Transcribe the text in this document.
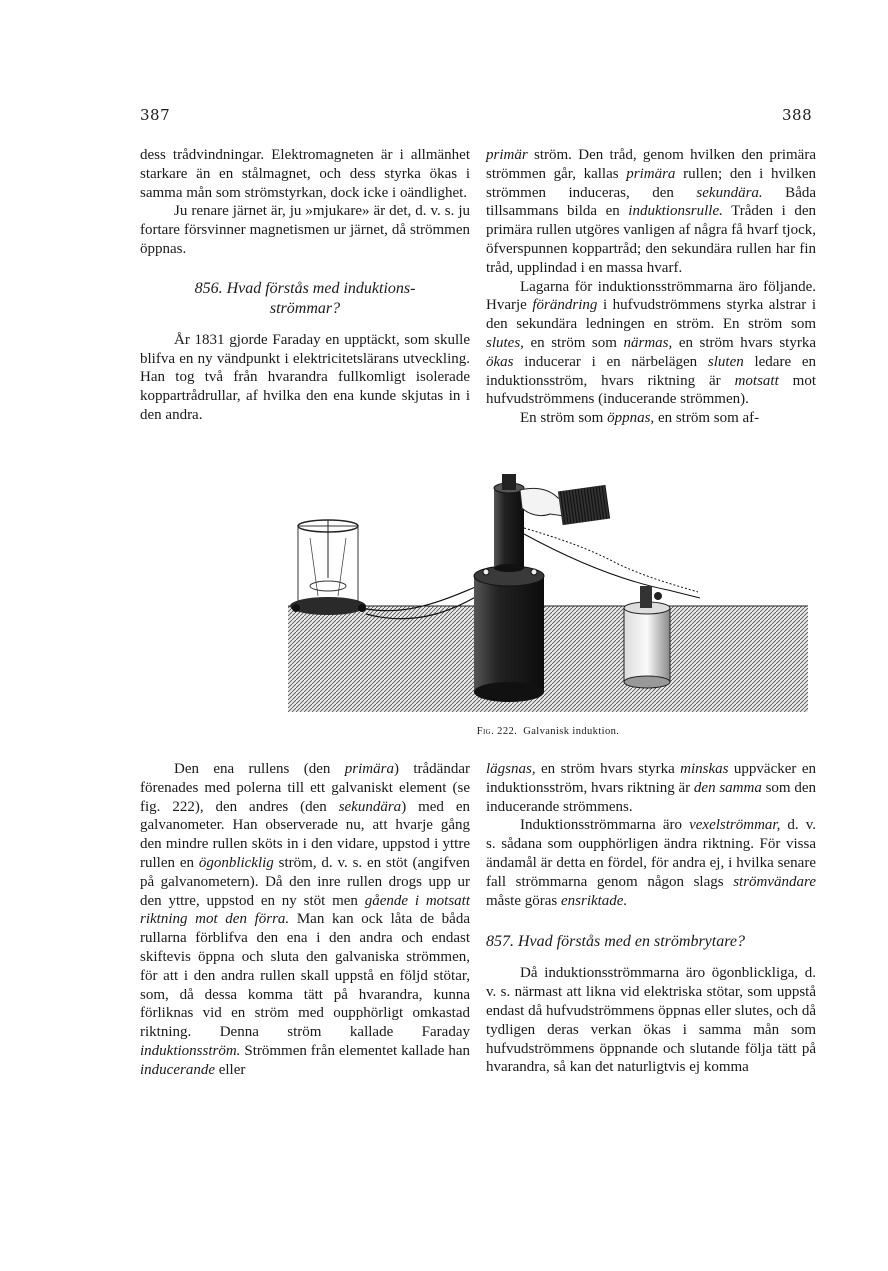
387	388

dess trådvindningar. Elektromagneten är i allmänhet starkare än en stålmagnet, och dess styrka ökas i samma mån som strömstyrkan, dock icke i oändlighet.

Ju renare järnet är, ju »mjukare» är det, d. v. s. ju fortare försvinner magnetismen ur järnet, då strömmen öppnas.

856. Hvad förstås med induktions-strömmar?

År 1831 gjorde Faraday en upptäckt, som skulle blifva en ny vändpunkt i elektricitetslärans utveckling. Han tog två från hvarandra fullkomligt isolerade koppartrådrullar, af hvilka den ena kunde skjutas in i den andra.

primär ström. Den tråd, genom hvilken den primära strömmen går, kallas primära rullen; den i hvilken strömmen induceras, den sekundära. Båda tillsammans bilda en induktionsrulle. Tråden i den primära rullen utgöres vanligen af några få hvarf tjock, öfverspunnen koppartråd; den sekundära rullen har fin tråd, upplindad i en massa hvarf.

Lagarna för induktionsströmmarna äro följande. Hvarje förändring i hufvudströmmens styrka alstrar i den sekundära ledningen en ström. En ström som slutes, en ström som närmas, en ström hvars styrka ökas inducerar i en närbelägen sluten ledare en induktionsström, hvars riktning är motsatt mot hufvudströmmens (inducerande strömmen).

En ström som öppnas, en ström som af-

Fig. 222. Galvanisk induktion.

Den ena rullens (den primära) trådändar förenades med polerna till ett galvaniskt element (se fig. 222), den andres (den sekundära) med en galvanometer. Han observerade nu, att hvarje gång den mindre rullen sköts in i den vidare, uppstod i yttre rullen en ögonblicklig ström, d. v. s. en stöt (angifven på galvanometern). Då den inre rullen drogs upp ur den yttre, uppstod en ny stöt men gående i motsatt riktning mot den förra. Man kan ock låta de båda rullarna förblifva den ena i den andra och endast skiftevis öppna och sluta den galvaniska strömmen, för att i den andra rullen skall uppstå en följd stötar, som, då dessa komma tätt på hvarandra, kunna förliknas vid en ström med oupphörligt omkastad riktning. Denna ström kallade Faraday induktionsström. Strömmen från elementet kallade han inducerande eller

lägsnas, en ström hvars styrka minskas uppväcker en induktionsström, hvars riktning är den samma som den inducerande strömmens.

Induktionsströmmarna äro vexelströmmar, d. v. s. sådana som oupphörligen ändra riktning. För vissa ändamål är detta en fördel, för andra ej, i hvilka senare fall strömmarna genom någon slags strömvändare måste göras ensriktade.

857. Hvad förstås med en strömbrytare?

Då induktionsströmmarna äro ögonblickliga, d. v. s. närmast att likna vid elektriska stötar, som uppstå endast då hufvudströmmens öppnas eller slutes, och då tydligen deras verkan ökas i samma mån som hufvudströmmens öppnande och slutande följa tätt på hvarandra, så kan det naturligtvis ej komma
